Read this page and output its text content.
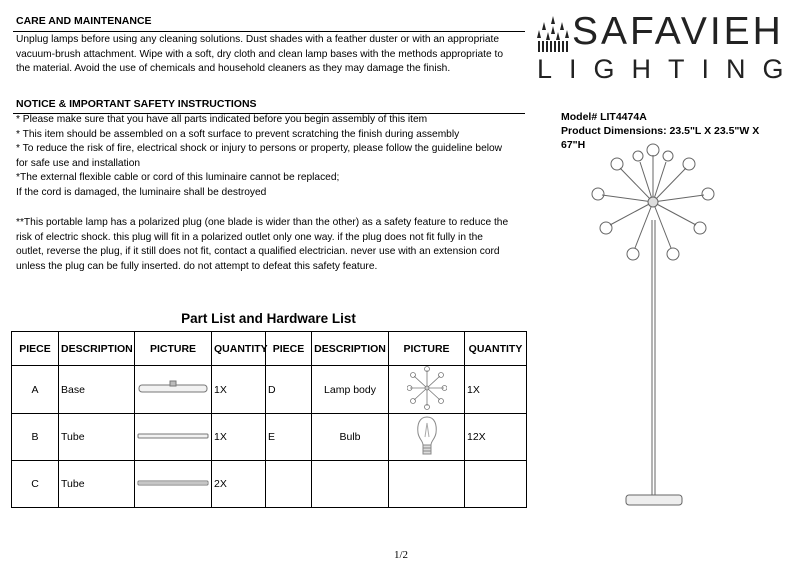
CARE AND MAINTENANCE

Unplug lamps before using any cleaning solutions. Dust shades with a feather duster or with an appropriate

vacuum-brush attachment. Wipe with a soft, dry cloth and clean lamp bases with the methods appropriate to

the material. Avoid the use of chemicals and household cleaners as they may damage the finish.

NOTICE & IMPORTANT SAFETY INSTRUCTIONS

* Please make sure that you have all parts indicated before you begin assembly of this item

* This item should be assembled on a soft surface to prevent scratching the finish during assembly

* To reduce the risk of fire, electrical shock or injury to persons or property, please follow the guideline below

for safe use and installation

*The external flexible cable or cord of this luminaire cannot be replaced;

If the cord is damaged, the luminaire shall be destroyed

**This portable lamp has a polarized plug (one blade is wider than the other) as a safety feature to reduce the

risk of electric shock. this plug will fit in a polarized outlet only one way. if the plug does not fit fully in the

outlet, reverse the plug, if it still does not fit, contact a qualified electrician. never use with an extension cord

unless the plug can be fully inserted. do not attempt to defeat this safety feature.

SAFAVIEH
LIGHTING
Model# LIT4474A
Product Dimensions: 23.5"L X 23.5"W X
67"H
Part List and Hardware List
PIECE	DESCRIPTION	PICTURE	QUANTITY	PIECE	DESCRIPTION	PICTURE	QUANTITY
A	Base		1X	D	Lamp body		1X
B	Tube		1X	E	Bulb		12X
C	Tube		2X				
1/2
